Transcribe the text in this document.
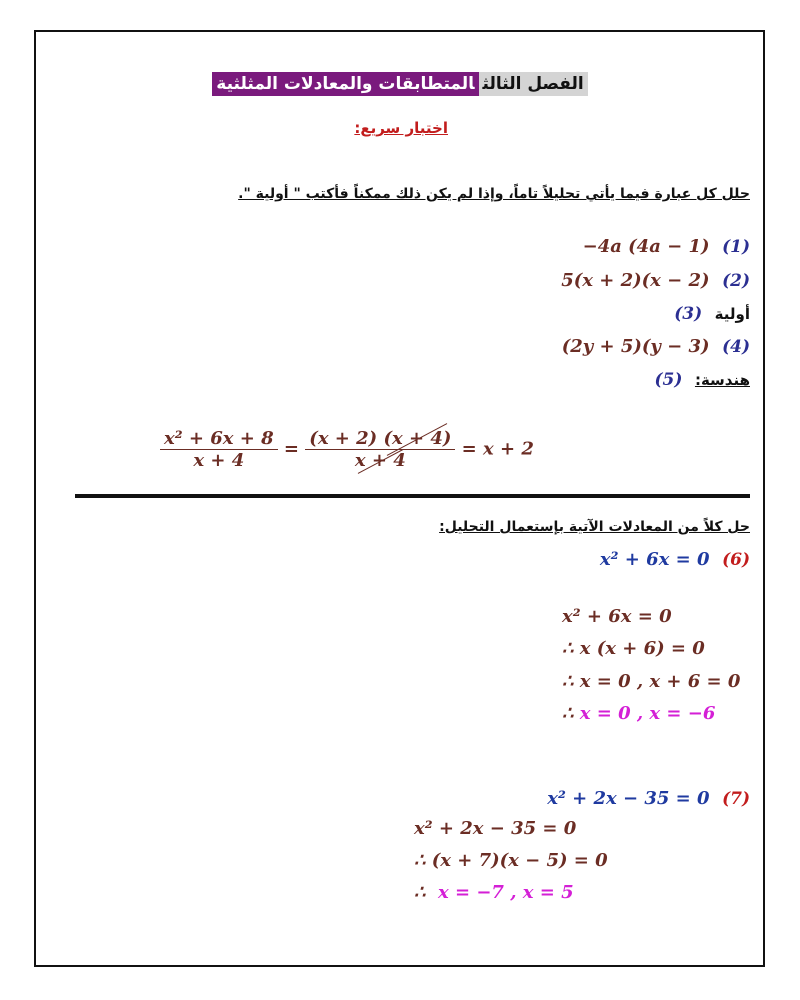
الفصل الثالثالمتطابقات والمعادلات المثلثية
اختبار سريع:
حلل كل عبارة فيما يأتي تحليلاً تاماً، وإذا لم يكن ذلك ممكناً فأكتب " أولية ".
−4a (4a − 1) (1)
5(x + 2)(x − 2) (2)
أولية  (3)
(2y + 5)(y − 3) (4)
هندسة:  (5)
$\frac{\text{x² + 6x + 8}}{x + 4} = \frac{(x + 2) (x + 4)}{x + 4} = x + 2$
حل كلاً من المعادلات الآتية بإستعمال التحليل:
x² + 6x = 0 (6)
x² + 6x = 0
∴ x (x + 6) = 0
∴ x = 0 , x + 6 = 0
∴ x = 0 , x = −6
x² + 2x − 35 = 0 (7)
x² + 2x − 35 = 0
∴ (x + 7)(x − 5) = 0
∴ x = −7 , x = 5
